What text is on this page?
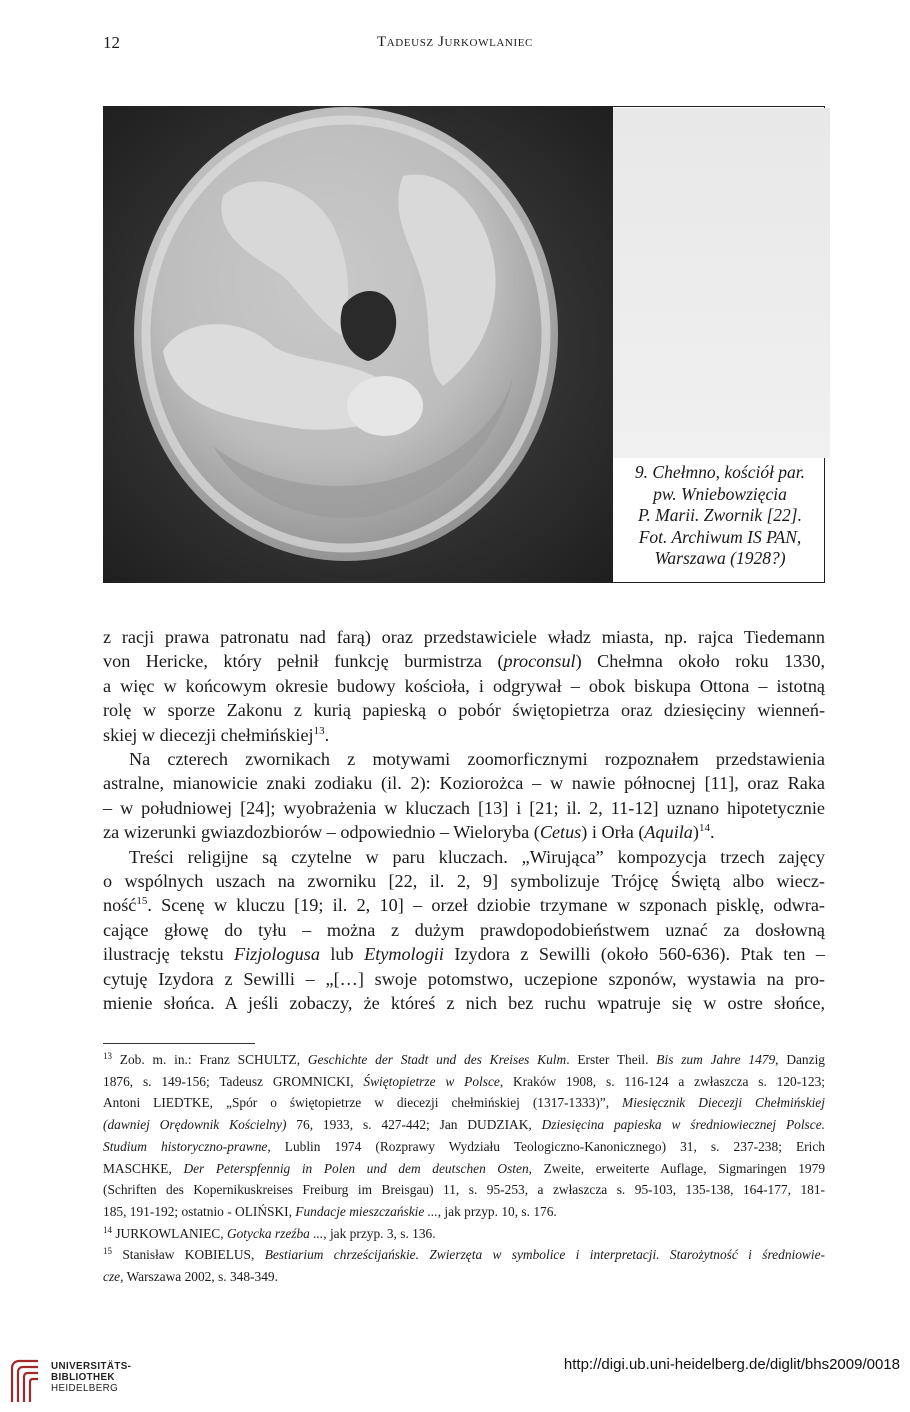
12	Tadeusz Jurkowlaniec
9. Chełmno, kościół par.
pw. Wniebowzięcia
P. Marii. Zwornik [22].
Fot. Archiwum IS PAN,
Warszawa (1928?)

z racji prawa patronatu nad farą) oraz przedstawiciele władz miasta, np. rajca Tiedemann
von Hericke, który pełnił funkcję burmistrza (proconsul) Chełmna około roku 1330,
a więc w końcowym okresie budowy kościoła, i odgrywał – obok biskupa Ottona – istotną
rolę w sporze Zakonu z kurią papieską o pobór świętopietrza oraz dziesięciny wienneń-
skiej w diecezji chełmińskiej$^{13}$.

Na czterech zwornikach z motywami zoomorficznymi rozpoznałem przedstawienia
astralne, mianowicie znaki zodiaku (il. 2): Koziorożca – w nawie północnej [11], oraz Raka
– w południowej [24]; wyobrażenia w kluczach [13] i [21; il. 2, 11-12] uznano hipotetycznie
za wizerunki gwiazdozbiorów – odpowiednio – Wieloryba (Cetus) i Orła (Aquila)$^{14}$.

Treści religijne są czytelne w paru kluczach. „Wirująca” kompozycja trzech zajęcy
o wspólnych uszach na zworniku [22, il. 2, 9] symbolizuje Trójcę Świętą albo wiecz-
ność$^{15}$. Scenę w kluczu [19; il. 2, 10] – orzeł dziobie trzymane w szponach pisklę, odwra-
cające głowę do tyłu – można z dużym prawdopodobieństwem uznać za dosłowną
ilustrację tekstu Fizjologusa lub Etymologii Izydora z Sewilli (około 560-636). Ptak ten –
cytuję Izydora z Sewilli – „[…] swoje potomstwo, uczepione szponów, wystawia na pro-
mienie słońca. A jeśli zobaczy, że któreś z nich bez ruchu wpatruje się w ostre słońce,

$^{13}$ Zob. m. in.: Franz SCHULTZ, Geschichte der Stadt und des Kreises Kulm. Erster Theil. Bis zum Jahre 1479, Danzig
1876, s. 149-156; Tadeusz GROMNICKI, Świętopietrze w Polsce, Kraków 1908, s. 116-124 a zwłaszcza s. 120-123;
Antoni LIEDTKE, „Spór o świętopietrze w diecezji chełmińskiej (1317-1333)”, Miesięcznik Diecezji Chełmińskiej
(dawniej Orędownik Kościelny) 76, 1933, s. 427-442; Jan DUDZIAK, Dziesięcina papieska w średniowiecznej Polsce.
Studium historyczno-prawne, Lublin 1974 (Rozprawy Wydziału Teologiczno-Kanonicznego) 31, s. 237-238; Erich
MASCHKE, Der Peterspfennig in Polen und dem deutschen Osten, Zweite, erweiterte Auflage, Sigmaringen 1979
(Schriften des Kopernikuskreises Freiburg im Breisgau) 11, s. 95-253, a zwłaszcza s. 95-103, 135-138, 164-177, 181-
185, 191-192; ostatnio - OLIŃSKI, Fundacje mieszczańskie ..., jak przyp. 10, s. 176.
$^{14}$ JURKOWLANIEC, Gotycka rzeźba ..., jak przyp. 3, s. 136.
$^{15}$ Stanisław KOBIELUS, Bestiarium chrześcijańskie. Zwierzęta w symbolice i interpretacji. Starożytność i średniowie-
cze, Warszawa 2002, s. 348-349.
UNIVERSITÄTS-
BIBLIOTHEK
HEIDELBERG
http://digi.ub.uni-heidelberg.de/diglit/bhs2009/0018
